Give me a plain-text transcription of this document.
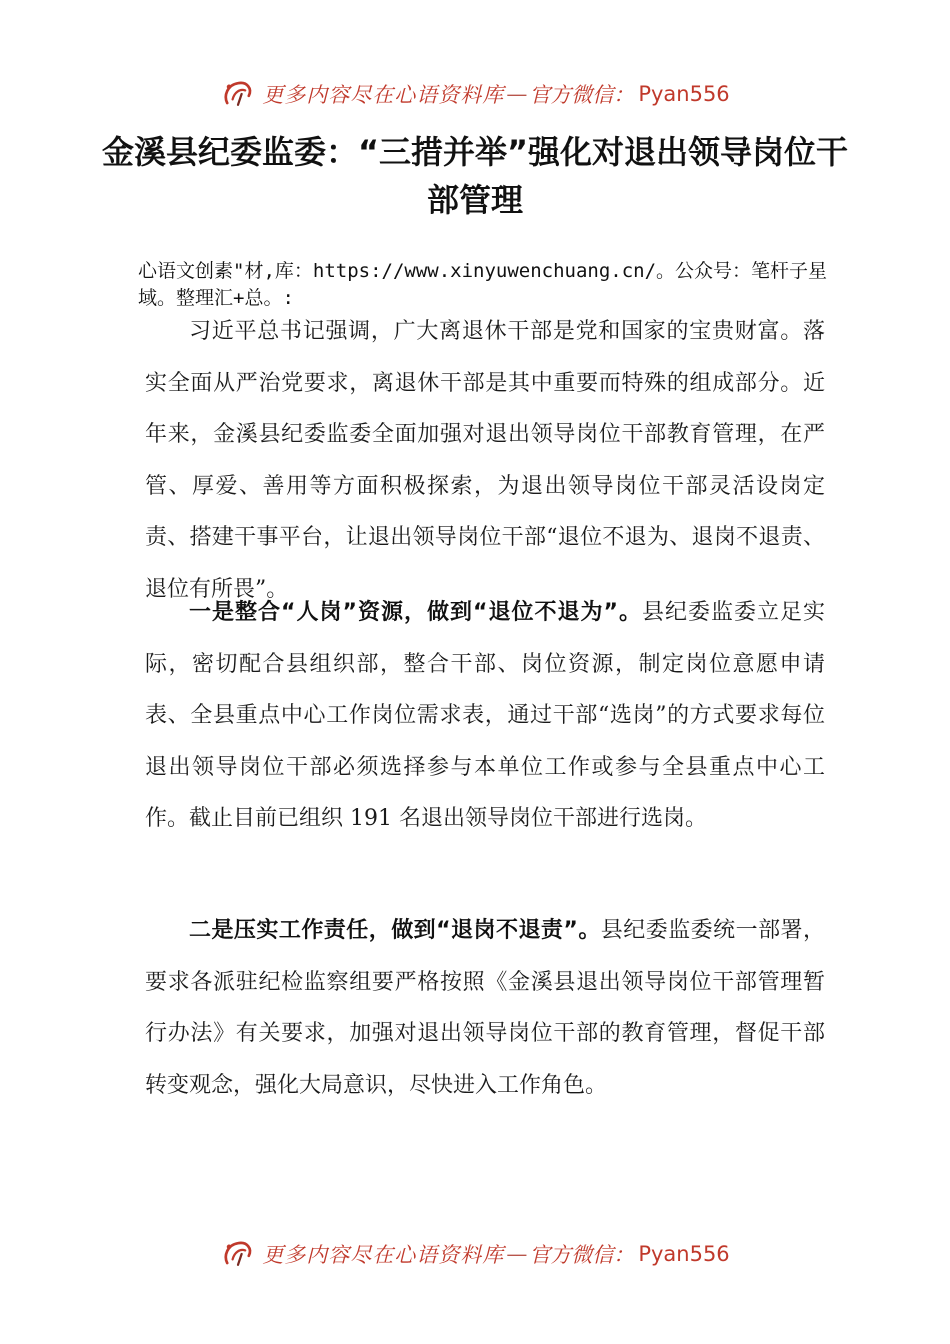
更多内容尽在心语资料库 — 官方微信： Pyan556
金溪县纪委监委：“三措并举”强化对退出领导岗位干部管理
心语文创素"材,库：https://www.xinyuwenchuang.cn/。公众号：笔杆子星域。整理汇+总。:
习近平总书记强调，广大离退休干部是党和国家的宝贵财富。落实全面从严治党要求，离退休干部是其中重要而特殊的组成部分。近年来，金溪县纪委监委全面加强对退出领导岗位干部教育管理，在严管、厚爱、善用等方面积极探索，为退出领导岗位干部灵活设岗定责、搭建干事平台，让退出领导岗位干部“退位不退为、退岗不退责、退位有所畏”。
一是整合“人岗”资源，做到“退位不退为”。县纪委监委立足实际，密切配合县组织部，整合干部、岗位资源，制定岗位意愿申请表、全县重点中心工作岗位需求表，通过干部“选岗”的方式要求每位退出领导岗位干部必须选择参与本单位工作或参与全县重点中心工作。截止目前已组织 191 名退出领导岗位干部进行选岗。
二是压实工作责任，做到“退岗不退责”。县纪委监委统一部署，要求各派驻纪检监察组要严格按照《金溪县退出领导岗位干部管理暂行办法》有关要求，加强对退出领导岗位干部的教育管理，督促干部转变观念，强化大局意识，尽快进入工作角色。
更多内容尽在心语资料库 — 官方微信： Pyan556
